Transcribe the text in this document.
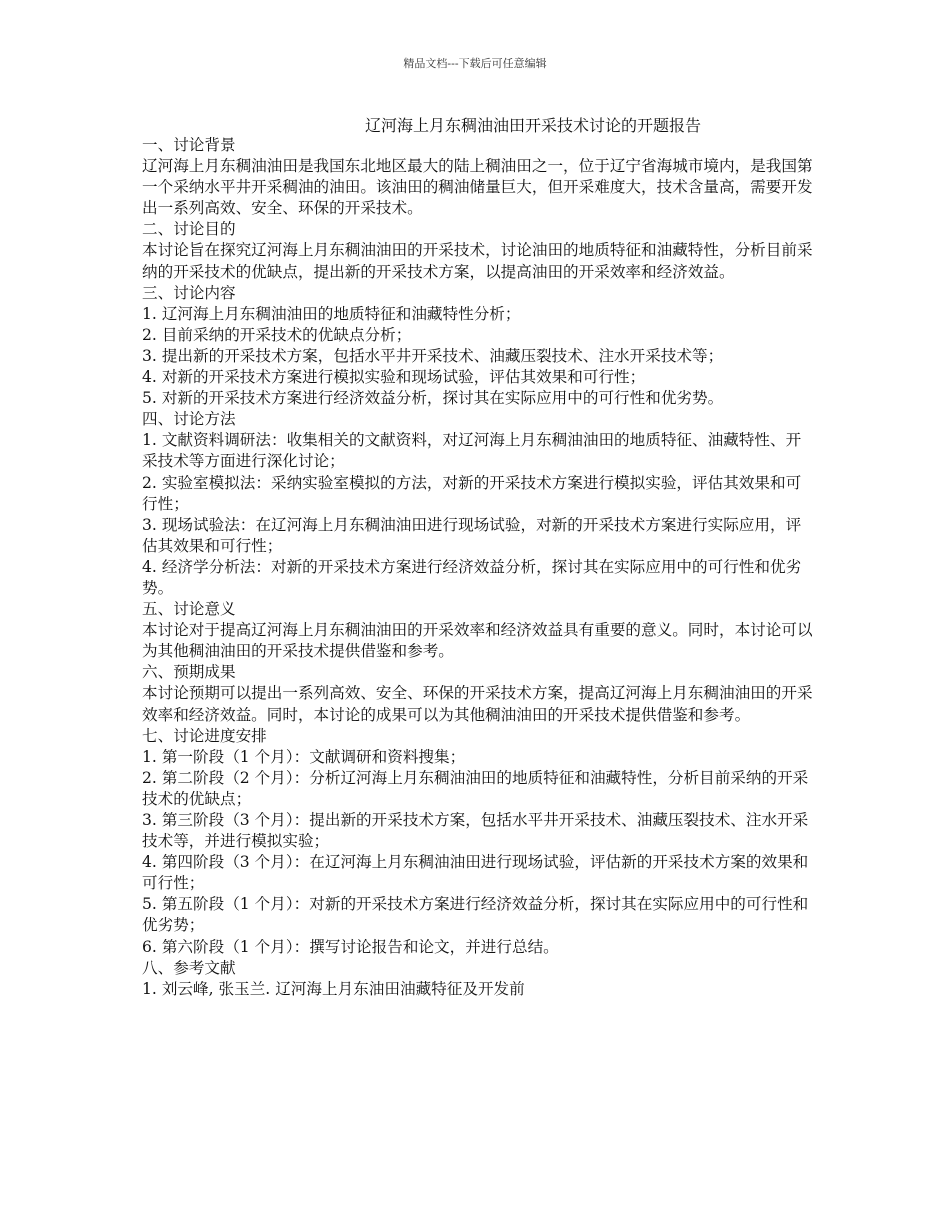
精品文档---下载后可任意编辑
辽河海上月东稠油油田开采技术讨论的开题报告

一、讨论背景

辽河海上月东稠油油田是我国东北地区最大的陆上稠油田之一，位于辽宁省海城市境内，是我国第一个采纳水平井开采稠油的油田。该油田的稠油储量巨大，但开采难度大，技术含量高，需要开发出一系列高效、安全、环保的开采技术。

二、讨论目的

本讨论旨在探究辽河海上月东稠油油田的开采技术，讨论油田的地质特征和油藏特性，分析目前采纳的开采技术的优缺点，提出新的开采技术方案，以提高油田的开采效率和经济效益。

三、讨论内容

1. 辽河海上月东稠油油田的地质特征和油藏特性分析；

2. 目前采纳的开采技术的优缺点分析；

3. 提出新的开采技术方案，包括水平井开采技术、油藏压裂技术、注水开采技术等；

4. 对新的开采技术方案进行模拟实验和现场试验，评估其效果和可行性；

5. 对新的开采技术方案进行经济效益分析，探讨其在实际应用中的可行性和优劣势。

四、讨论方法

1. 文献资料调研法：收集相关的文献资料，对辽河海上月东稠油油田的地质特征、油藏特性、开采技术等方面进行深化讨论；

2. 实验室模拟法：采纳实验室模拟的方法，对新的开采技术方案进行模拟实验，评估其效果和可行性；

3. 现场试验法：在辽河海上月东稠油油田进行现场试验，对新的开采技术方案进行实际应用，评估其效果和可行性；

4. 经济学分析法：对新的开采技术方案进行经济效益分析，探讨其在实际应用中的可行性和优劣势。

五、讨论意义

本讨论对于提高辽河海上月东稠油油田的开采效率和经济效益具有重要的意义。同时，本讨论可以为其他稠油油田的开采技术提供借鉴和参考。

六、预期成果

本讨论预期可以提出一系列高效、安全、环保的开采技术方案，提高辽河海上月东稠油油田的开采效率和经济效益。同时，本讨论的成果可以为其他稠油油田的开采技术提供借鉴和参考。

七、讨论进度安排

1. 第一阶段（1 个月）：文献调研和资料搜集；

2. 第二阶段（2 个月）：分析辽河海上月东稠油油田的地质特征和油藏特性，分析目前采纳的开采技术的优缺点；

3. 第三阶段（3 个月）：提出新的开采技术方案，包括水平井开采技术、油藏压裂技术、注水开采技术等，并进行模拟实验；

4. 第四阶段（3 个月）：在辽河海上月东稠油油田进行现场试验，评估新的开采技术方案的效果和可行性；

5. 第五阶段（1 个月）：对新的开采技术方案进行经济效益分析，探讨其在实际应用中的可行性和优劣势；

6. 第六阶段（1 个月）：撰写讨论报告和论文，并进行总结。

八、参考文献

1. 刘云峰, 张玉兰. 辽河海上月东油田油藏特征及开发前
